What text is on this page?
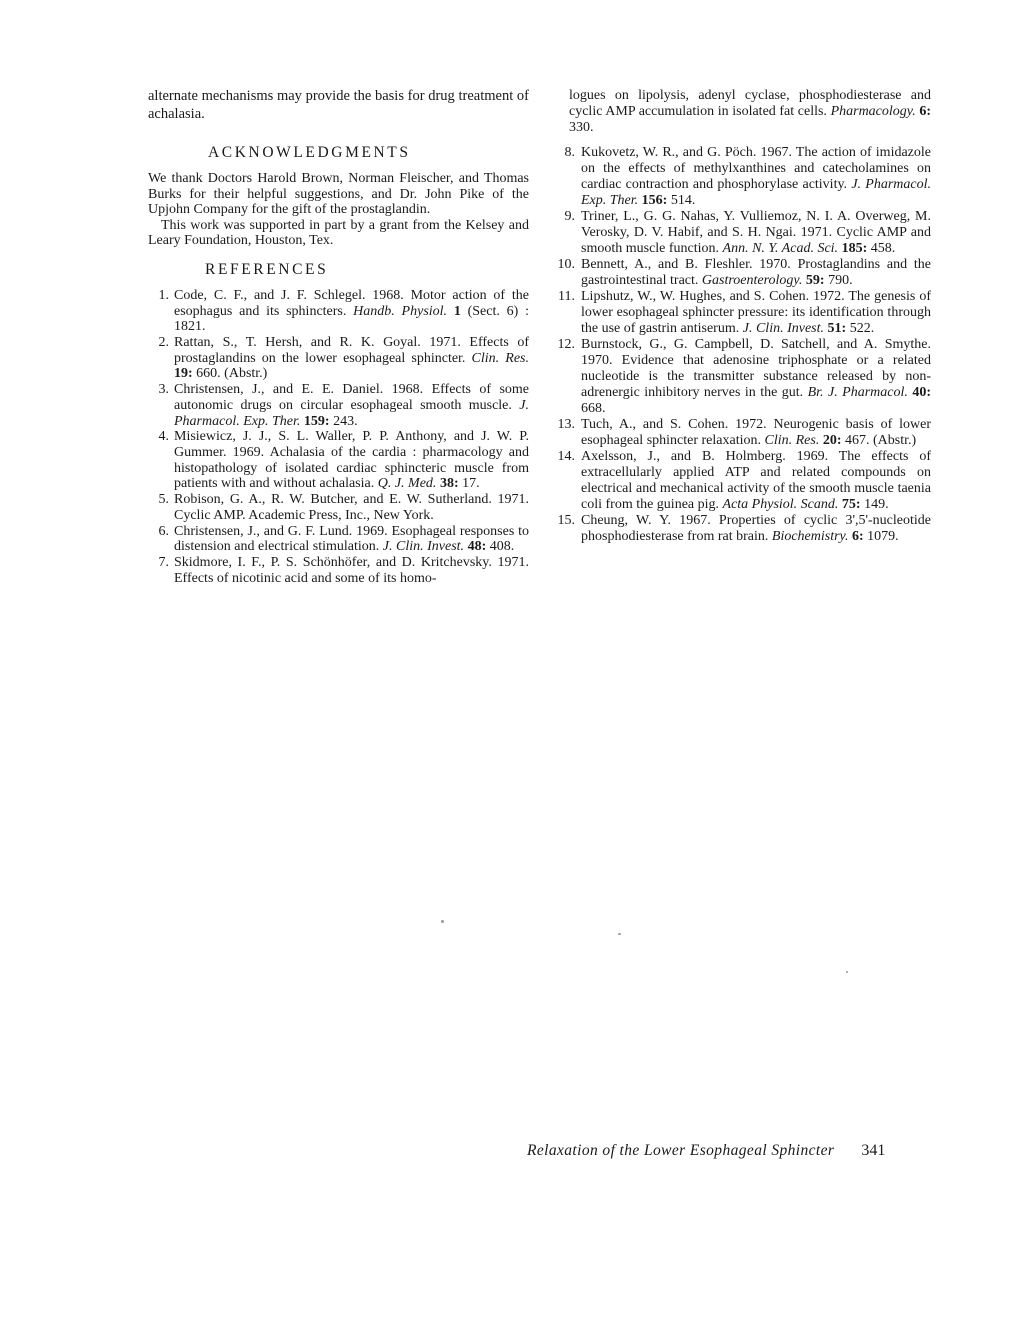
alternate mechanisms may provide the basis for drug treatment of achalasia.

ACKNOWLEDGMENTS

We thank Doctors Harold Brown, Norman Fleischer, and Thomas Burks for their helpful suggestions, and Dr. John Pike of the Upjohn Company for the gift of the prostaglandin.

This work was supported in part by a grant from the Kelsey and Leary Foundation, Houston, Tex.

REFERENCES
1. Code, C. F., and J. F. Schlegel. 1968. Motor action of the esophagus and its sphincters. Handb. Physiol. 1 (Sect. 6) : 1821.
2. Rattan, S., T. Hersh, and R. K. Goyal. 1971. Effects of prostaglandins on the lower esophageal sphincter. Clin. Res. 19: 660. (Abstr.)
3. Christensen, J., and E. E. Daniel. 1968. Effects of some autonomic drugs on circular esophageal smooth muscle. J. Pharmacol. Exp. Ther. 159: 243.
4. Misiewicz, J. J., S. L. Waller, P. P. Anthony, and J. W. P. Gummer. 1969. Achalasia of the cardia : pharmacology and histopathology of isolated cardiac sphincteric muscle from patients with and without achalasia. Q. J. Med. 38: 17.
5. Robison, G. A., R. W. Butcher, and E. W. Sutherland. 1971. Cyclic AMP. Academic Press, Inc., New York.
6. Christensen, J., and G. F. Lund. 1969. Esophageal responses to distension and electrical stimulation. J. Clin. Invest. 48: 408.
7. Skidmore, I. F., P. S. Schönhöfer, and D. Kritchevsky. 1971. Effects of nicotinic acid and some of its homo-

logues on lipolysis, adenyl cyclase, phosphodiesterase and cyclic AMP accumulation in isolated fat cells. Pharmacology. 6: 330.

8. Kukovetz, W. R., and G. Pöch. 1967. The action of imidazole on the effects of methylxanthines and catecholamines on cardiac contraction and phosphorylase activity. J. Pharmacol. Exp. Ther. 156: 514.
9. Triner, L., G. G. Nahas, Y. Vulliemoz, N. I. A. Overweg, M. Verosky, D. V. Habif, and S. H. Ngai. 1971. Cyclic AMP and smooth muscle function. Ann. N. Y. Acad. Sci. 185: 458.
10. Bennett, A., and B. Fleshler. 1970. Prostaglandins and the gastrointestinal tract. Gastroenterology. 59: 790.
11. Lipshutz, W., W. Hughes, and S. Cohen. 1972. The genesis of lower esophageal sphincter pressure: its identification through the use of gastrin antiserum. J. Clin. Invest. 51: 522.
12. Burnstock, G., G. Campbell, D. Satchell, and A. Smythe. 1970. Evidence that adenosine triphosphate or a related nucleotide is the transmitter substance released by non-adrenergic inhibitory nerves in the gut. Br. J. Pharmacol. 40: 668.
13. Tuch, A., and S. Cohen. 1972. Neurogenic basis of lower esophageal sphincter relaxation. Clin. Res. 20: 467. (Abstr.)
14. Axelsson, J., and B. Holmberg. 1969. The effects of extracellularly applied ATP and related compounds on electrical and mechanical activity of the smooth muscle taenia coli from the guinea pig. Acta Physiol. Scand. 75: 149.
15. Cheung, W. Y. 1967. Properties of cyclic 3',5'-nucleotide phosphodiesterase from rat brain. Biochemistry. 6: 1079.
Relaxation of the Lower Esophageal Sphincter 341
